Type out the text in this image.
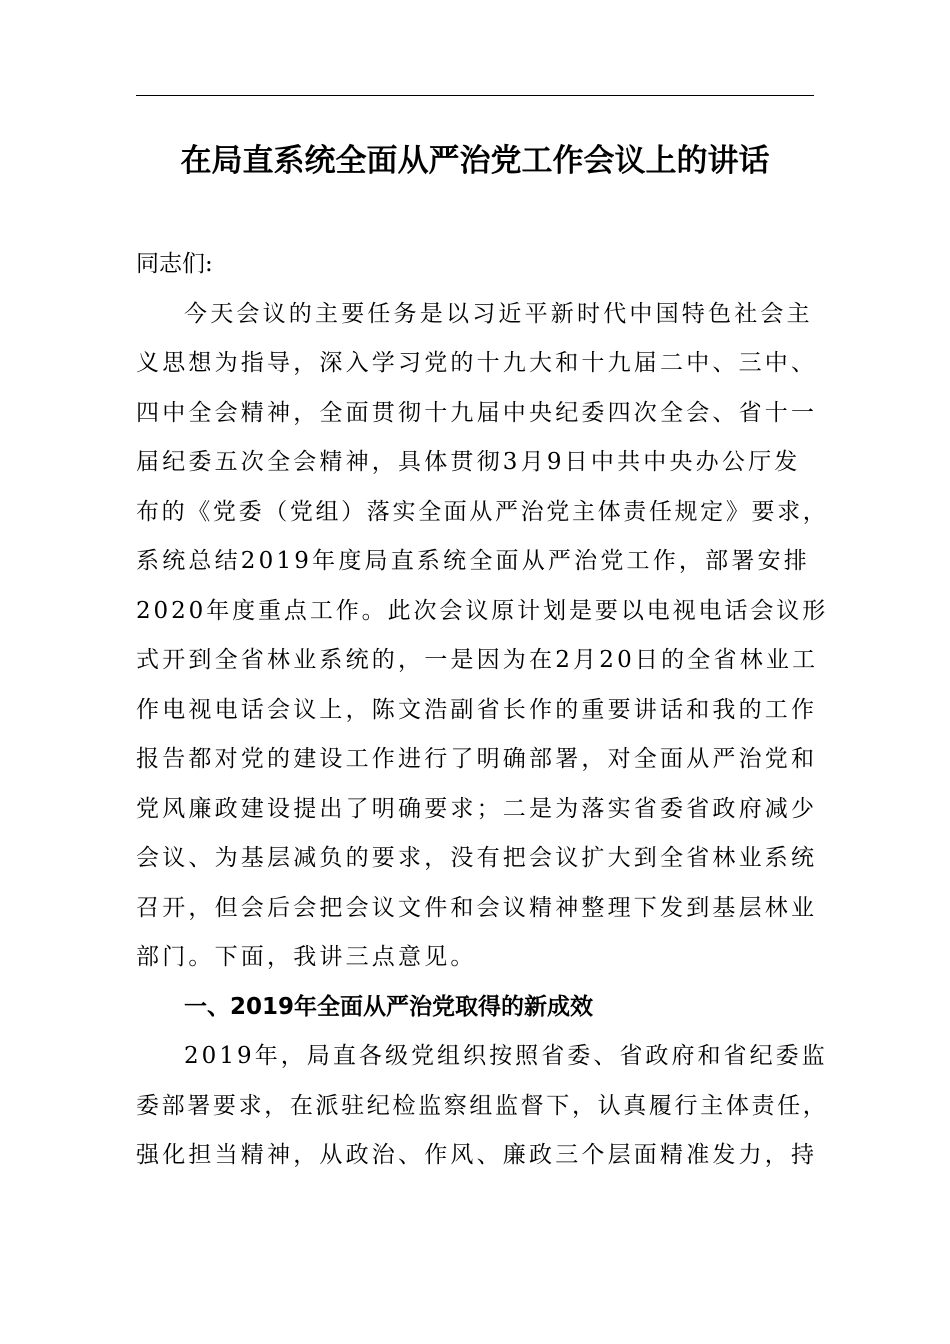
在局直系统全面从严治党工作会议上的讲话
同志们:
今天会议的主要任务是以习近平新时代中国特色社会主
义思想为指导，深入学习党的十九大和十九届二中、三中、
四中全会精神，全面贯彻十九届中央纪委四次全会、省十一
届纪委五次全会精神，具体贯彻3月9日中共中央办公厅发
布的《党委（党组）落实全面从严治党主体责任规定》要求，
系统总结2019年度局直系统全面从严治党工作，部署安排
2020年度重点工作。此次会议原计划是要以电视电话会议形
式开到全省林业系统的，一是因为在2月20日的全省林业工
作电视电话会议上，陈文浩副省长作的重要讲话和我的工作
报告都对党的建设工作进行了明确部署，对全面从严治党和
党风廉政建设提出了明确要求；二是为落实省委省政府减少
会议、为基层减负的要求，没有把会议扩大到全省林业系统
召开，但会后会把会议文件和会议精神整理下发到基层林业
部门。下面，我讲三点意见。
一、2019年全面从严治党取得的新成效
2019年，局直各级党组织按照省委、省政府和省纪委监
委部署要求，在派驻纪检监察组监督下，认真履行主体责任，
强化担当精神，从政治、作风、廉政三个层面精准发力，持
